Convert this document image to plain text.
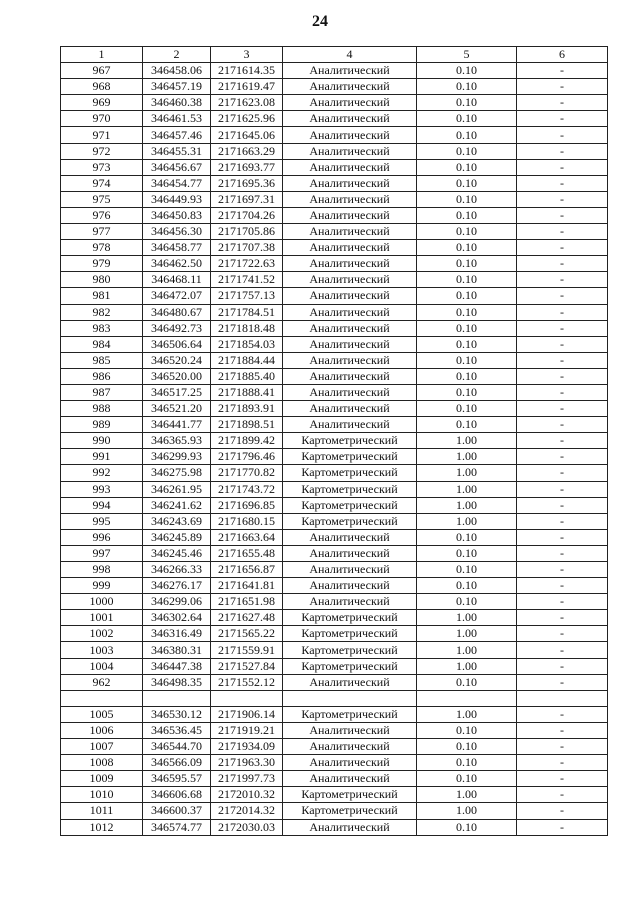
24
1	2	3	4	5	6
967	346458.06	2171614.35	Аналитический	0.10	-
968	346457.19	2171619.47	Аналитический	0.10	-
969	346460.38	2171623.08	Аналитический	0.10	-
970	346461.53	2171625.96	Аналитический	0.10	-
971	346457.46	2171645.06	Аналитический	0.10	-
972	346455.31	2171663.29	Аналитический	0.10	-
973	346456.67	2171693.77	Аналитический	0.10	-
974	346454.77	2171695.36	Аналитический	0.10	-
975	346449.93	2171697.31	Аналитический	0.10	-
976	346450.83	2171704.26	Аналитический	0.10	-
977	346456.30	2171705.86	Аналитический	0.10	-
978	346458.77	2171707.38	Аналитический	0.10	-
979	346462.50	2171722.63	Аналитический	0.10	-
980	346468.11	2171741.52	Аналитический	0.10	-
981	346472.07	2171757.13	Аналитический	0.10	-
982	346480.67	2171784.51	Аналитический	0.10	-
983	346492.73	2171818.48	Аналитический	0.10	-
984	346506.64	2171854.03	Аналитический	0.10	-
985	346520.24	2171884.44	Аналитический	0.10	-
986	346520.00	2171885.40	Аналитический	0.10	-
987	346517.25	2171888.41	Аналитический	0.10	-
988	346521.20	2171893.91	Аналитический	0.10	-
989	346441.77	2171898.51	Аналитический	0.10	-
990	346365.93	2171899.42	Картометрический	1.00	-
991	346299.93	2171796.46	Картометрический	1.00	-
992	346275.98	2171770.82	Картометрический	1.00	-
993	346261.95	2171743.72	Картометрический	1.00	-
994	346241.62	2171696.85	Картометрический	1.00	-
995	346243.69	2171680.15	Картометрический	1.00	-
996	346245.89	2171663.64	Аналитический	0.10	-
997	346245.46	2171655.48	Аналитический	0.10	-
998	346266.33	2171656.87	Аналитический	0.10	-
999	346276.17	2171641.81	Аналитический	0.10	-
1000	346299.06	2171651.98	Аналитический	0.10	-
1001	346302.64	2171627.48	Картометрический	1.00	-
1002	346316.49	2171565.22	Картометрический	1.00	-
1003	346380.31	2171559.91	Картометрический	1.00	-
1004	346447.38	2171527.84	Картометрический	1.00	-
962	346498.35	2171552.12	Аналитический	0.10	-

1005	346530.12	2171906.14	Картометрический	1.00	-
1006	346536.45	2171919.21	Аналитический	0.10	-
1007	346544.70	2171934.09	Аналитический	0.10	-
1008	346566.09	2171963.30	Аналитический	0.10	-
1009	346595.57	2171997.73	Аналитический	0.10	-
1010	346606.68	2172010.32	Картометрический	1.00	-
1011	346600.37	2172014.32	Картометрический	1.00	-
1012	346574.77	2172030.03	Аналитический	0.10	-
